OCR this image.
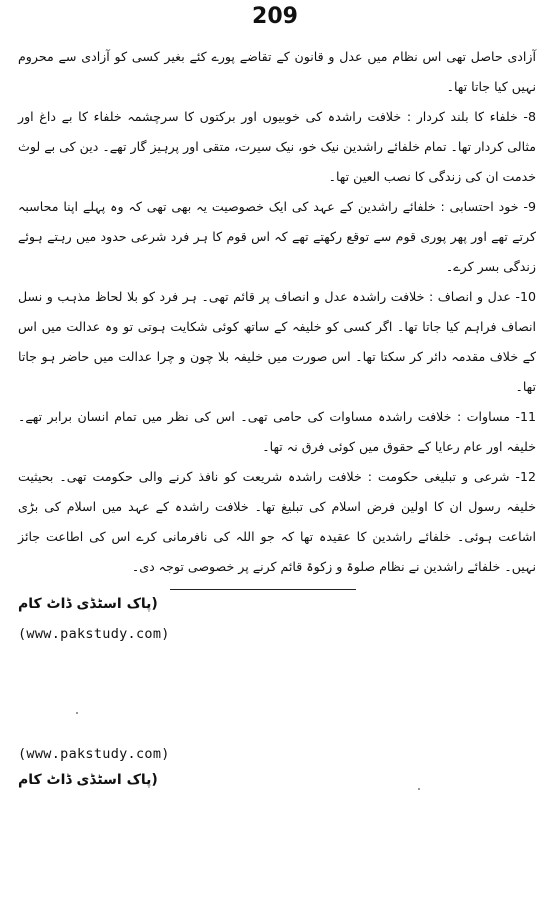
209

آزادی حاصل تھی اس نظام میں عدل و قانون کے تقاضے پورے کئے بغیر کسی کو آزادی سے محروم نہیں کیا جاتا تھا۔

8- خلفاء کا بلند کردار : خلافت راشدہ کی خوبیوں اور برکتوں کا سرچشمہ خلفاء کا بے داغ اور مثالی کردار تھا۔ تمام خلفائے راشدین نیک خو، نیک سیرت، متقی اور پرہیز گار تھے۔ دین کی بے لوث خدمت ان کی زندگی کا نصب العین تھا۔

9- خود احتسابی : خلفائے راشدین کے عہد کی ایک خصوصیت یہ بھی تھی کہ وہ پہلے اپنا محاسبہ کرتے تھے اور پھر پوری قوم سے توقع رکھتے تھے کہ اس قوم کا ہر فرد شرعی حدود میں رہتے ہوئے زندگی بسر کرے۔

10- عدل و انصاف : خلافت راشدہ عدل و انصاف پر قائم تھی۔ ہر فرد کو بلا لحاظ مذہب و نسل انصاف فراہم کیا جاتا تھا۔ اگر کسی کو خلیفہ کے ساتھ کوئی شکایت ہوتی تو وہ عدالت میں اس کے خلاف مقدمہ دائر کر سکتا تھا۔ اس صورت میں خلیفہ بلا چون و چرا عدالت میں حاضر ہو جاتا تھا۔

11- مساوات : خلافت راشدہ مساوات کی حامی تھی۔ اس کی نظر میں تمام انسان برابر تھے۔ خلیفہ اور عام رعایا کے حقوق میں کوئی فرق نہ تھا۔

12- شرعی و تبلیغی حکومت : خلافت راشدہ شریعت کو نافذ کرنے والی حکومت تھی۔ بحیثیت خلیفہ رسول ان کا اولین فرض اسلام کی تبلیغ تھا۔ خلافت راشدہ کے عہد میں اسلام کی بڑی اشاعت ہوئی۔ خلفائے راشدین کا عقیدہ تھا کہ جو اللہ کی نافرمانی کرے اس کی اطاعت جائز نہیں۔ خلفائے راشدین نے نظام صلوۃ و زکوۃ قائم کرنے پر خصوصی توجہ دی۔

(پاک اسٹڈی ڈاٹ کام
(www.pakstudy.com)
(www.pakstudy.com)
(پاک اسٹڈی ڈاٹ کام
